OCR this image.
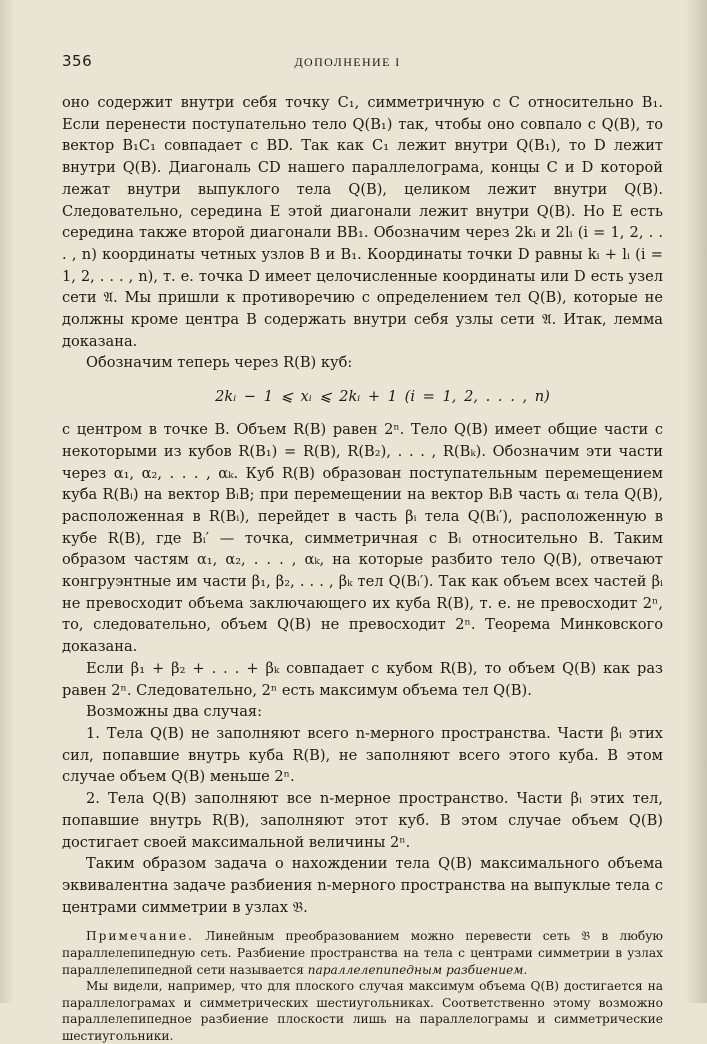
356	ДОПОЛНЕНИЕ I

оно содержит внутри себя точку C₁, симметричную с C относительно B₁. Если перенести поступательно тело Q(B₁) так, чтобы оно совпало с Q(B), то вектор B₁C₁ совпадает с BD. Так как C₁ лежит внутри Q(B₁), то D лежит внутри Q(B). Диагональ CD нашего параллелограма, концы C и D которой лежат внутри выпуклого тела Q(B), целиком лежит внутри Q(B). Следовательно, середина E этой диагонали лежит внутри Q(B). Но E есть середина также второй диагонали BB₁. Обозначим через 2kᵢ и 2lᵢ (i = 1, 2, . . . , n) координаты четных узлов B и B₁. Координаты точки D равны kᵢ + lᵢ (i = 1, 2, . . . , n), т. е. точка D имеет целочисленные координаты или D есть узел сети 𝔄. Мы пришли к противоречию с определением тел Q(B), которые не должны кроме центра B содержать внутри себя узлы сети 𝔄. Итак, лемма доказана.

Обозначим теперь через R(B) куб:

2kᵢ − 1 ⩽ xᵢ ⩽ 2kᵢ + 1 (i = 1, 2, . . . , n)

с центром в точке B. Объем R(B) равен 2ⁿ. Тело Q(B) имеет общие части с некоторыми из кубов R(B₁) = R(B), R(B₂), . . . , R(Bₖ). Обозначим эти части через α₁, α₂, . . . , αₖ. Куб R(B) образован поступательным перемещением куба R(Bᵢ) на вектор BᵢB; при перемещении на вектор BᵢB часть αᵢ тела Q(B), расположенная в R(Bᵢ), перейдет в часть βᵢ тела Q(Bᵢ′), расположенную в кубе R(B), где Bᵢ′ — точка, симметричная с Bᵢ относительно B. Таким образом частям α₁, α₂, . . . , αₖ, на которые разбито тело Q(B), отвечают конгруэнтные им части β₁, β₂, . . . , βₖ тел Q(Bᵢ′). Так как объем всех частей βᵢ не превосходит объема заключающего их куба R(B), т. е. не превосходит 2ⁿ, то, следовательно, объем Q(B) не превосходит 2ⁿ. Теорема Минковского доказана.

Если β₁ + β₂ + . . . + βₖ совпадает с кубом R(B), то объем Q(B) как раз равен 2ⁿ. Следовательно, 2ⁿ есть максимум объема тел Q(B).

Возможны два случая:

1. Тела Q(B) не заполняют всего n-мерного пространства. Части βᵢ этих сил, попавшие внутрь куба R(B), не заполняют всего этого куба. В этом случае объем Q(B) меньше 2ⁿ.

2. Тела Q(B) заполняют все n-мерное пространство. Части βᵢ этих тел, попавшие внутрь R(B), заполняют этот куб. В этом случае объем Q(B) достигает своей максимальной величины 2ⁿ.

Таким образом задача о нахождении тела Q(B) максимального объема эквивалентна задаче разбиения n-мерного пространства на выпуклые тела с центрами симметрии в узлах 𝔅.

Примечание. Линейным преобразованием можно перевести сеть 𝔅 в любую параллелепипедную сеть. Разбиение пространства на тела с центрами симметрии в узлах параллелепипедной сети называется параллелепипедным разбиением.

Мы видели, например, что для плоского случая максимум объема Q(B) достигается на параллелограмах и симметрических шестиугольниках. Соответственно этому возможно параллелепипедное разбиение плоскости лишь на параллелограмы и симметрические шестиугольники.
